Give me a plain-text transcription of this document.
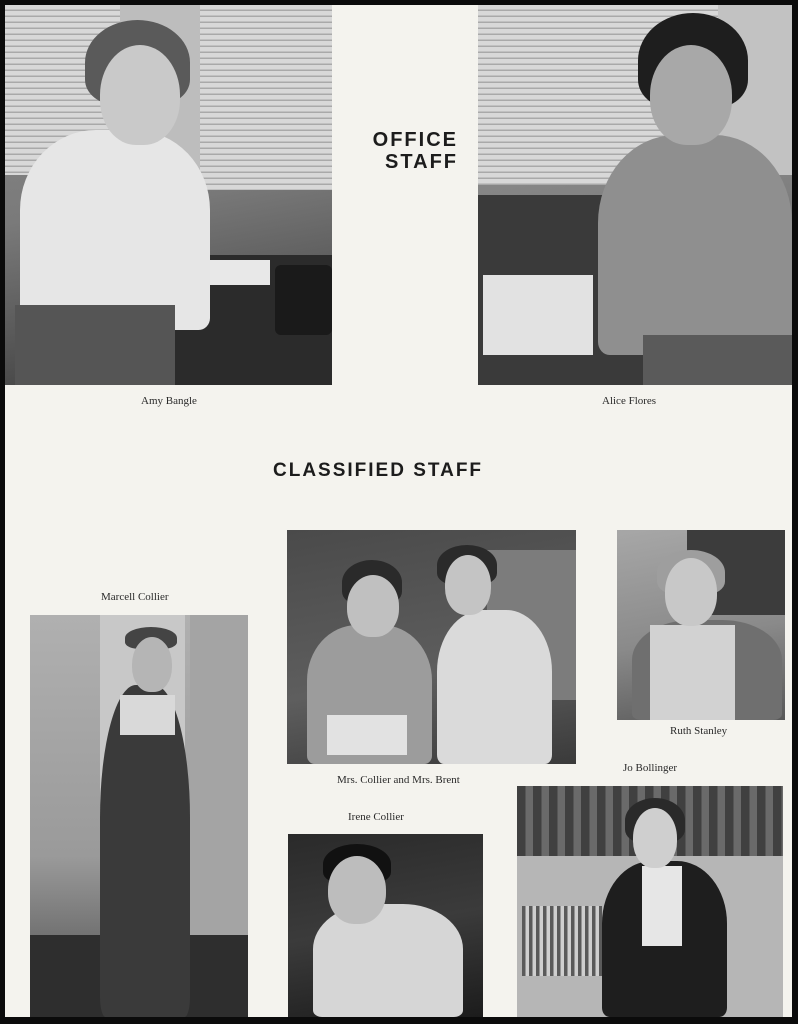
Amy Bangle
OFFICE
STAFF
Alice Flores
CLASSIFIED STAFF
Marcell Collier
Mrs. Collier and Mrs. Brent
Ruth Stanley
Jo Bollinger
Irene Collier
